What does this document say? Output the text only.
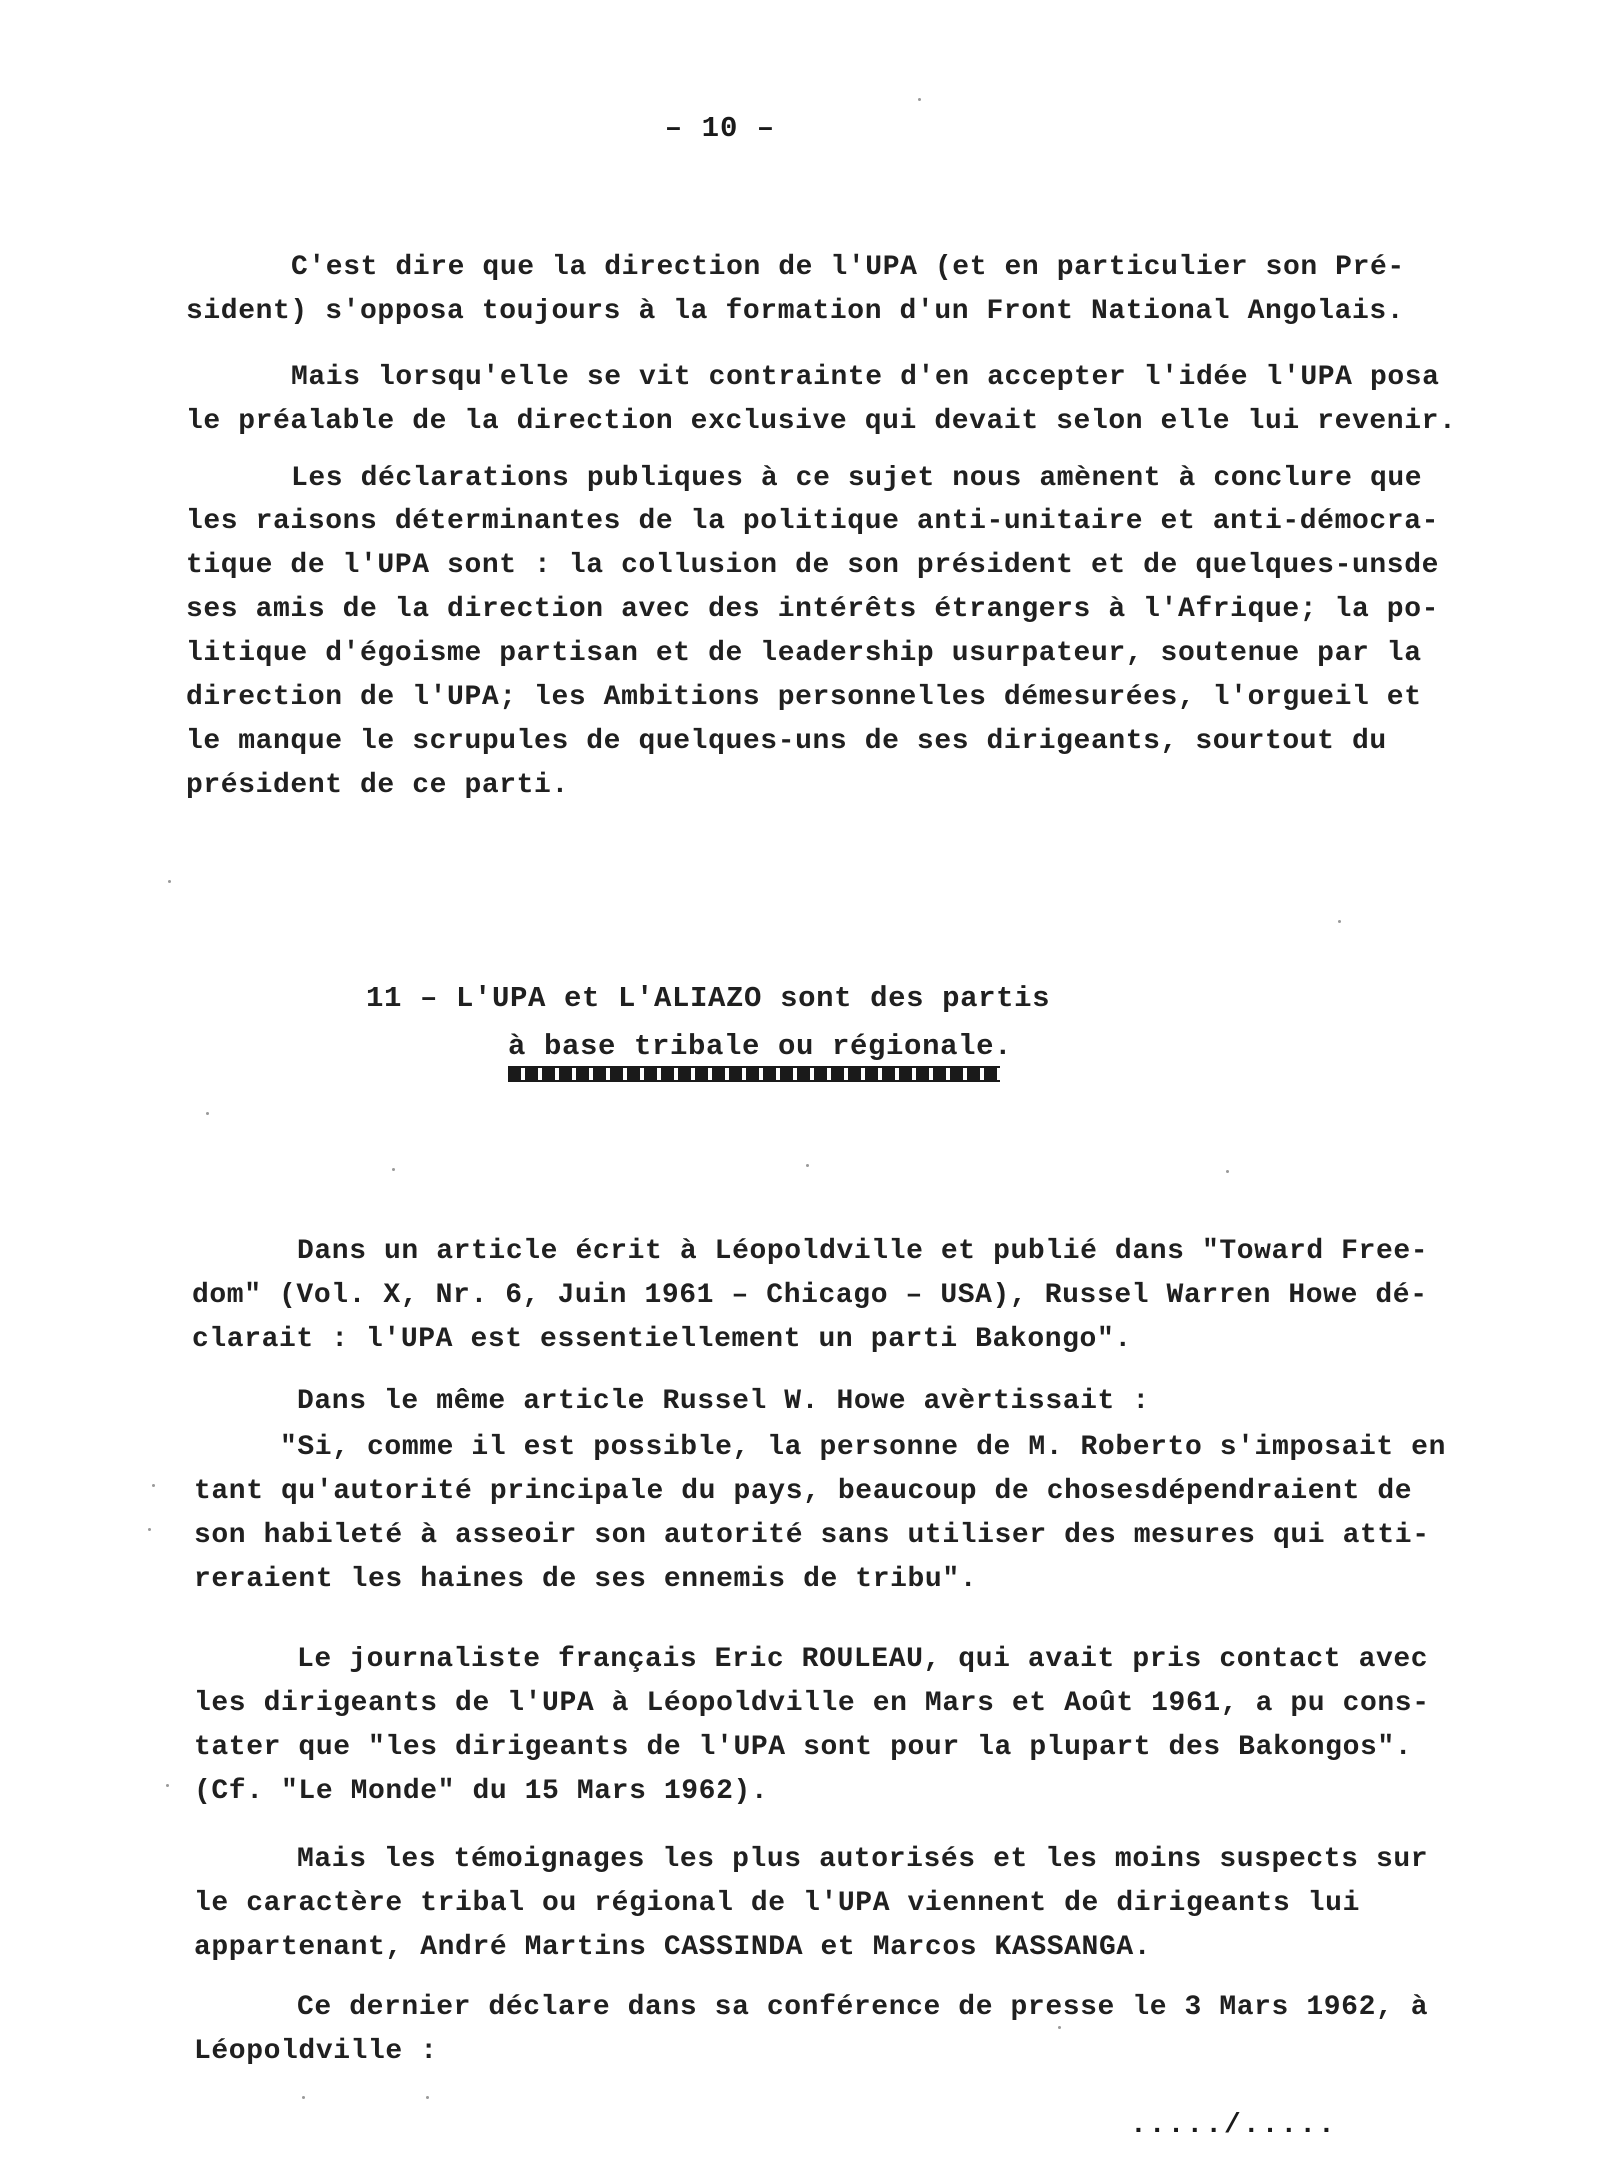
– 10 –
C'est dire que la direction de l'UPA (et en particulier son Pré-
sident) s'opposa toujours à la formation d'un Front National Angolais.
Mais lorsqu'elle se vit contrainte d'en accepter l'idée l'UPA posa
le préalable de la direction exclusive qui devait selon elle lui revenir.
Les déclarations publiques à ce sujet nous amènent à conclure que
les raisons déterminantes de la politique anti-unitaire et anti-démocra-
tique de l'UPA sont : la collusion de son président et de quelques-unsde
ses amis de la direction avec des intérêts étrangers à l'Afrique; la po-
litique d'égoisme partisan et de leadership usurpateur, soutenue par la
direction de l'UPA; les Ambitions personnelles démesurées, l'orgueil et
le manque le scrupules de quelques-uns de ses dirigeants, sourtout du
président de ce parti.
11 – L'UPA et L'ALIAZO sont des partis
à base tribale ou régionale.
Dans un article écrit à Léopoldville et publié dans "Toward Free-
dom" (Vol. X, Nr. 6, Juin 1961 – Chicago – USA), Russel Warren Howe dé-
clarait : l'UPA est essentiellement un parti Bakongo".
Dans le même article Russel W. Howe avèrtissait :
"Si, comme il est possible, la personne de M. Roberto s'imposait en
tant qu'autorité principale du pays, beaucoup de chosesdépendraient de
son habileté à asseoir son autorité sans utiliser des mesures qui atti-
reraient les haines de ses ennemis de tribu".
Le journaliste français Eric ROULEAU, qui avait pris contact avec
les dirigeants de l'UPA à Léopoldville en Mars et Août 1961, a pu cons-
tater que "les dirigeants de l'UPA sont pour la plupart des Bakongos".
(Cf. "Le Monde" du 15 Mars 1962).
Mais les témoignages les plus autorisés et les moins suspects sur
le caractère tribal ou régional de l'UPA viennent de dirigeants lui
appartenant, André Martins CASSINDA et Marcos KASSANGA.
Ce dernier déclare dans sa conférence de presse le 3 Mars 1962, à
Léopoldville :
...../.....
